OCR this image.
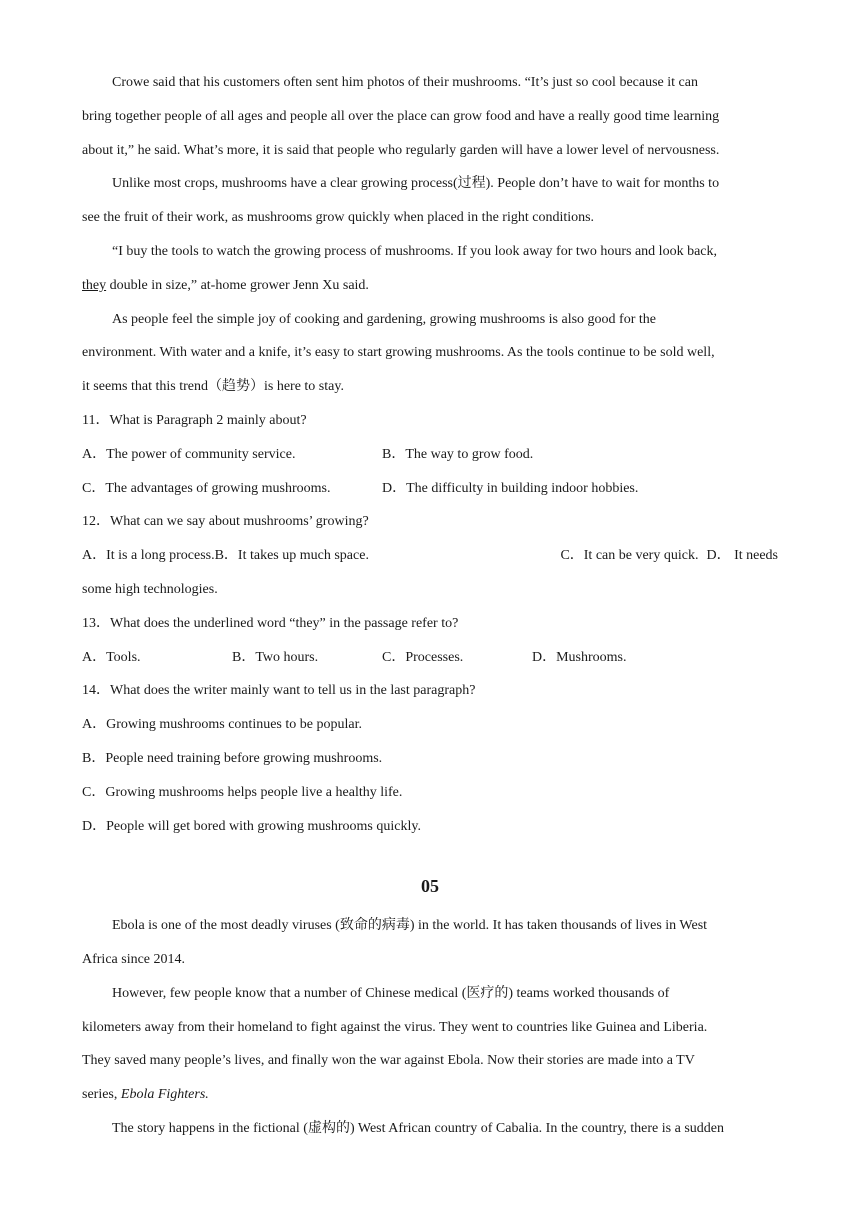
Crowe said that his customers often sent him photos of their mushrooms. “It’s just so cool because it can

bring together people of all ages and people all over the place can grow food and have a really good time learning

about it,” he said. What’s more, it is said that people who regularly garden will have a lower level of nervousness.

Unlike most crops, mushrooms have a clear growing process(过程). People don’t have to wait for months to

see the fruit of their work, as mushrooms grow quickly when placed in the right conditions.

“I buy the tools to watch the growing process of mushrooms. If you look away for two hours and look back,

they double in size,” at-home grower Jenn Xu said.

As people feel the simple joy of cooking and gardening, growing mushrooms is also good for the

environment. With water and a knife, it’s easy to start growing mushrooms. As the tools continue to be sold well,

it seems that this trend（趋势）is here to stay.

11．What is Paragraph 2 mainly about?

A．The power of community service.	B．The way to grow food.

C．The advantages of growing mushrooms.	D．The difficulty in building indoor hobbies.

12．What can we say about mushrooms’ growing?

A．It is a long process.B．It takes up much space.	C．It can be very quick. D． It needs

some high technologies.

13．What does the underlined word “they” in the passage refer to?

A．Tools.	B．Two hours.	C．Processes.	D．Mushrooms.

14．What does the writer mainly want to tell us in the last paragraph?

A．Growing mushrooms continues to be popular.

B．People need training before growing mushrooms.

C．Growing mushrooms helps people live a healthy life.

D．People will get bored with growing mushrooms quickly.

05

Ebola is one of the most deadly viruses (致命的病毒) in the world. It has taken thousands of lives in West

Africa since 2014.

However, few people know that a number of Chinese medical (医疗的) teams worked thousands of

kilometers away from their homeland to fight against the virus. They went to countries like Guinea and Liberia.

They saved many people’s lives, and finally won the war against Ebola. Now their stories are made into a TV

series, Ebola Fighters.

The story happens in the fictional (虚构的) West African country of Cabalia. In the country, there is a sudden
